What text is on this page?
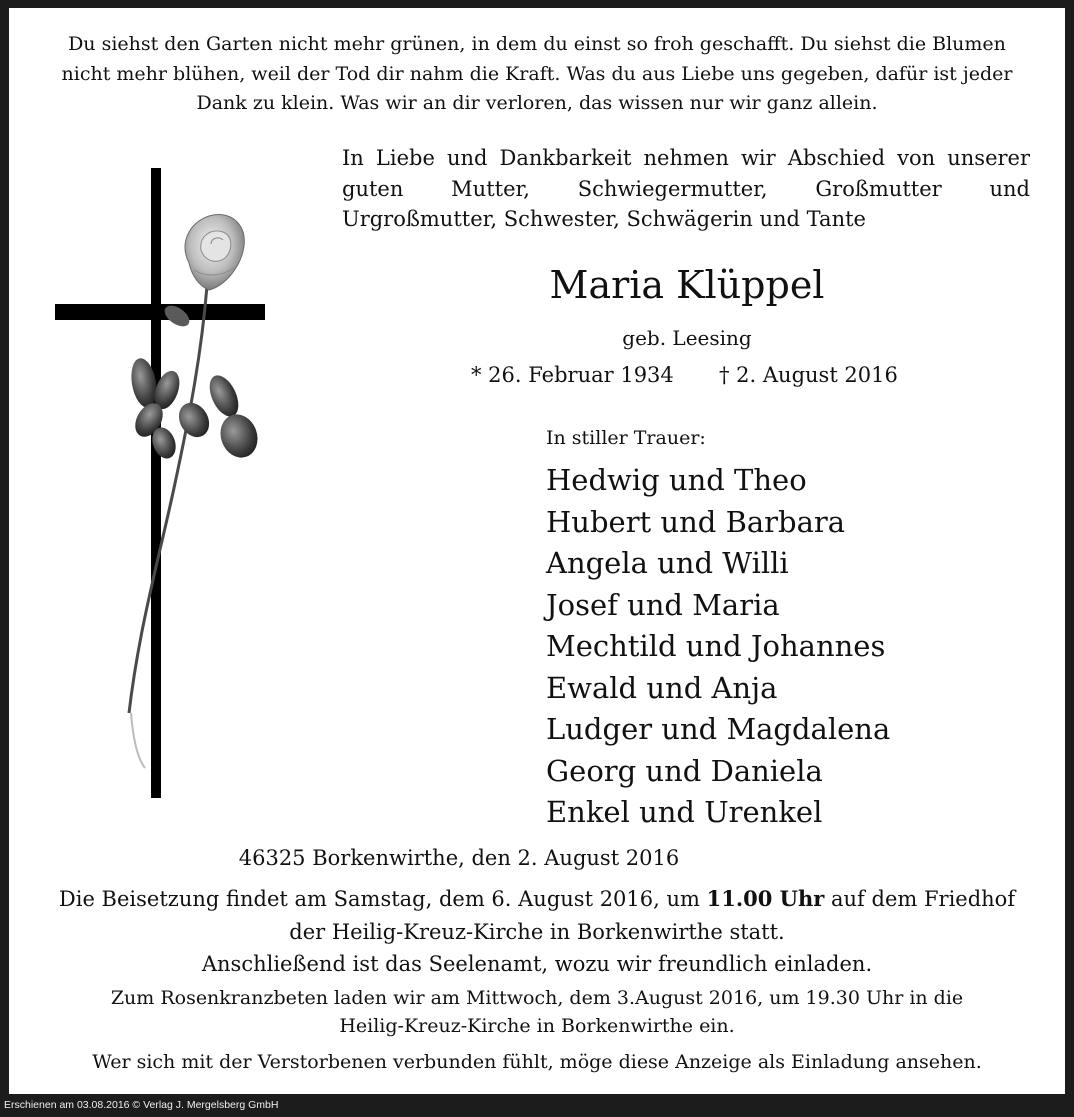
Du siehst den Garten nicht mehr grünen, in dem du einst so froh geschafft. Du siehst die Blumen
nicht mehr blühen, weil der Tod dir nahm die Kraft. Was du aus Liebe uns gegeben, dafür ist jeder
Dank zu klein. Was wir an dir verloren, das wissen nur wir ganz allein.
In Liebe und Dankbarkeit nehmen wir Abschied von unserer
guten Mutter, Schwiegermutter, Großmutter und
Urgroßmutter, Schwester, Schwägerin und Tante
Maria Klüppel
geb. Leesing
* 26. Februar 1934 † 2. August 2016
In stiller Trauer:
Hedwig und Theo
Hubert und Barbara
Angela und Willi
Josef und Maria
Mechtild und Johannes
Ewald und Anja
Ludger und Magdalena
Georg und Daniela
Enkel und Urenkel
46325 Borkenwirthe, den 2. August 2016
Die Beisetzung findet am Samstag, dem 6. August 2016, um 11.00 Uhr auf dem Friedhof
der Heilig-Kreuz-Kirche in Borkenwirthe statt.
Anschließend ist das Seelenamt, wozu wir freundlich einladen.
Zum Rosenkranzbeten laden wir am Mittwoch, dem 3.August 2016, um 19.30 Uhr in die
Heilig-Kreuz-Kirche in Borkenwirthe ein.
Wer sich mit der Verstorbenen verbunden fühlt, möge diese Anzeige als Einladung ansehen.
Erschienen am 03.08.2016 © Verlag J. Mergelsberg GmbH
